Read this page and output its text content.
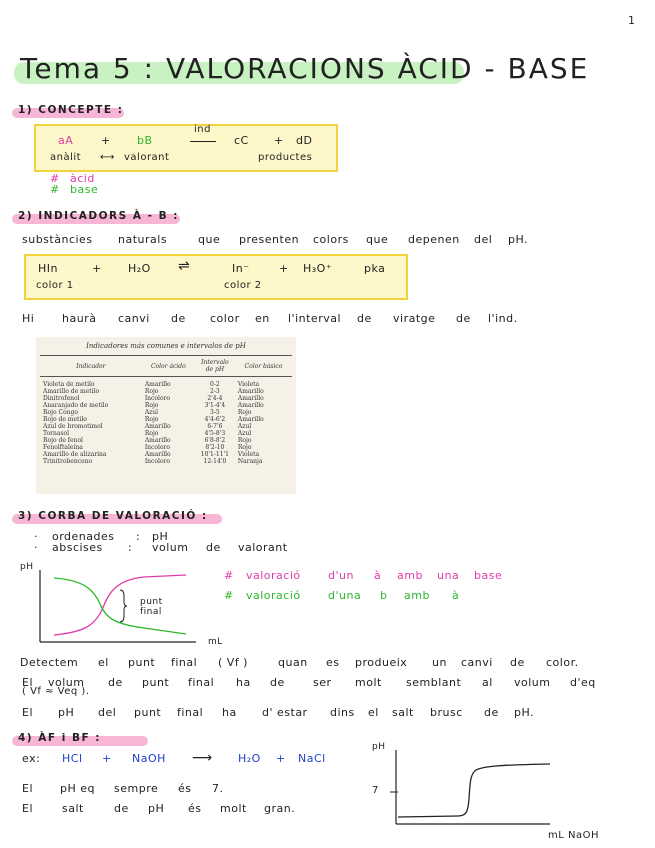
1
Tema 5 : VALORACIONS ÀCID - BASE
1) CONCEPTE :
aA	+ bB
ind
cC + dD
anàlit ⟷ valorant	productes
# àcid
# base
2) INDICADORS À - B :
substàncies naturals	que presenten colors que depenen del pH.
HIn	+ H₂O ⇌	In⁻	+ H₃O⁺	pka
color 1	color 2
Hi	haurà canvi de color en l'interval de viratge de l'ind.
Indicadores más comunes e intervalos de pH
Indicador	Color ácido	Intervalo de pH	Color básico
Violeta de metilo	Amarillo	0-2	Violeta
Amarillo de metilo	Rojo	2-3	Amarillo
Dinitrofenol	Incoloro	2'4-4	Amarillo
Anaranjado de metilo	Rojo	3'1-4'4	Amarillo
Rojo Congo	Azul	3-5	Rojo
Rojo de metilo	Rojo	4'4-6'2	Amarillo
Azul de bromotimol	Amarillo	6-7'6	Azul
Tornasol	Rojo	4'5-8'3	Azul
Rojo de fenol	Amarillo	6'8-8'2	Rojo
Fenolftaleína	Incoloro	8'2-10	Rojo
Amarillo de alizarina	Amarillo	10'1-11'1	Violeta
Trinitrobenceno	Incoloro	12-14'0	Naranja
3) CORBA DE VALORACIÓ :
· ordenades : pH
· abscises : volum de valorant
pH
mL
punt
final
# valoració d'un à amb una base
# valoració d'una b amb à
Detectem el punt final ( Vf )	quan es produeix un canvi de color.
El volum de punt final ha de	ser molt semblant al volum d'eq
( Vf ≈ Veq ).
El pH del punt final ha d' estar dins el salt brusc de pH.
4) ÀF i BF :
ex: HCl + NaOH ⟶ H₂O + NaCl
El pH eq sempre és 7.
El	salt	de pH és molt gran.
pH
7
mL NaOH
